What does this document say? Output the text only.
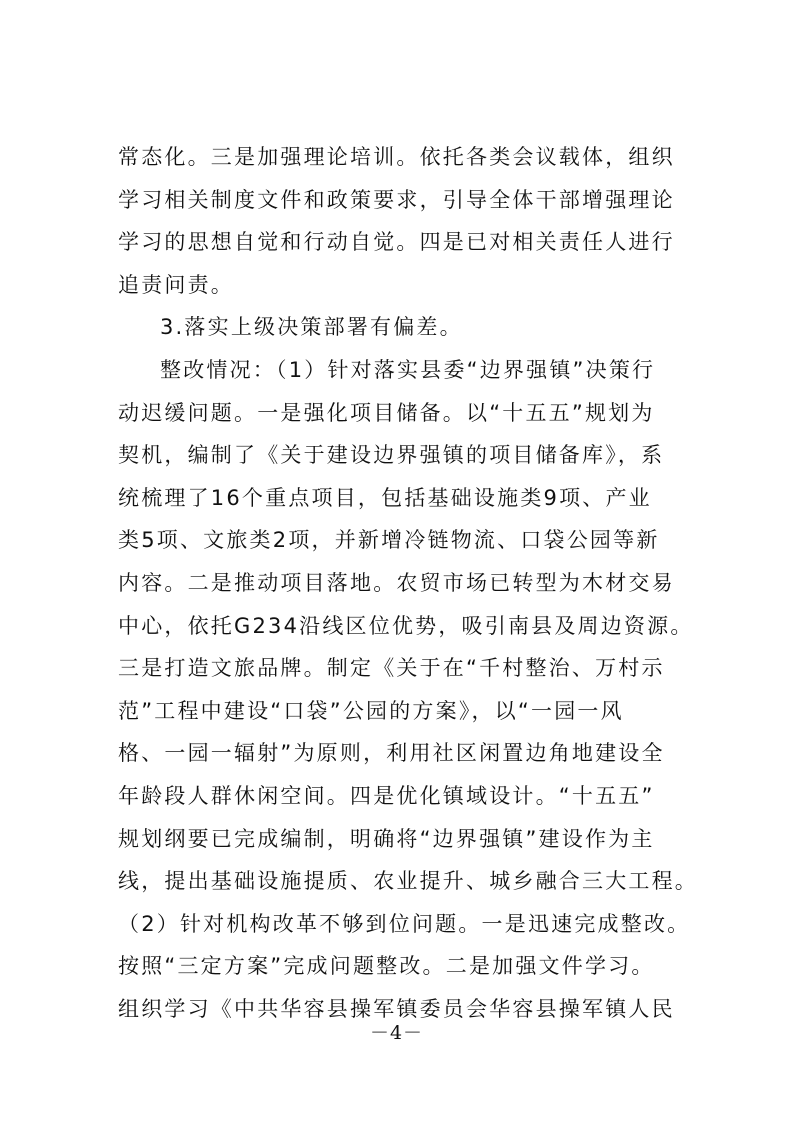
常态化。三是加强理论培训。依托各类会议载体，组织
学习相关制度文件和政策要求，引导全体干部增强理论
学习的思想自觉和行动自觉。四是已对相关责任人进行
追责问责。
3.落实上级决策部署有偏差。
整改情况：（1）针对落实县委“边界强镇”决策行
动迟缓问题。一是强化项目储备。以“十五五”规划为
契机，编制了《关于建设边界强镇的项目储备库》，系
统梳理了16个重点项目，包括基础设施类9项、产业
类5项、文旅类2项，并新增冷链物流、口袋公园等新
内容。二是推动项目落地。农贸市场已转型为木材交易
中心，依托G234沿线区位优势，吸引南县及周边资源。
三是打造文旅品牌。制定《关于在“千村整治、万村示
范”工程中建设“口袋”公园的方案》，以“一园一风
格、一园一辐射”为原则，利用社区闲置边角地建设全
年龄段人群休闲空间。四是优化镇域设计。“十五五”
规划纲要已完成编制，明确将“边界强镇”建设作为主
线，提出基础设施提质、农业提升、城乡融合三大工程。
（2）针对机构改革不够到位问题。一是迅速完成整改。
按照“三定方案”完成问题整改。二是加强文件学习。
组织学习《中共华容县操军镇委员会华容县操军镇人民
－4－
